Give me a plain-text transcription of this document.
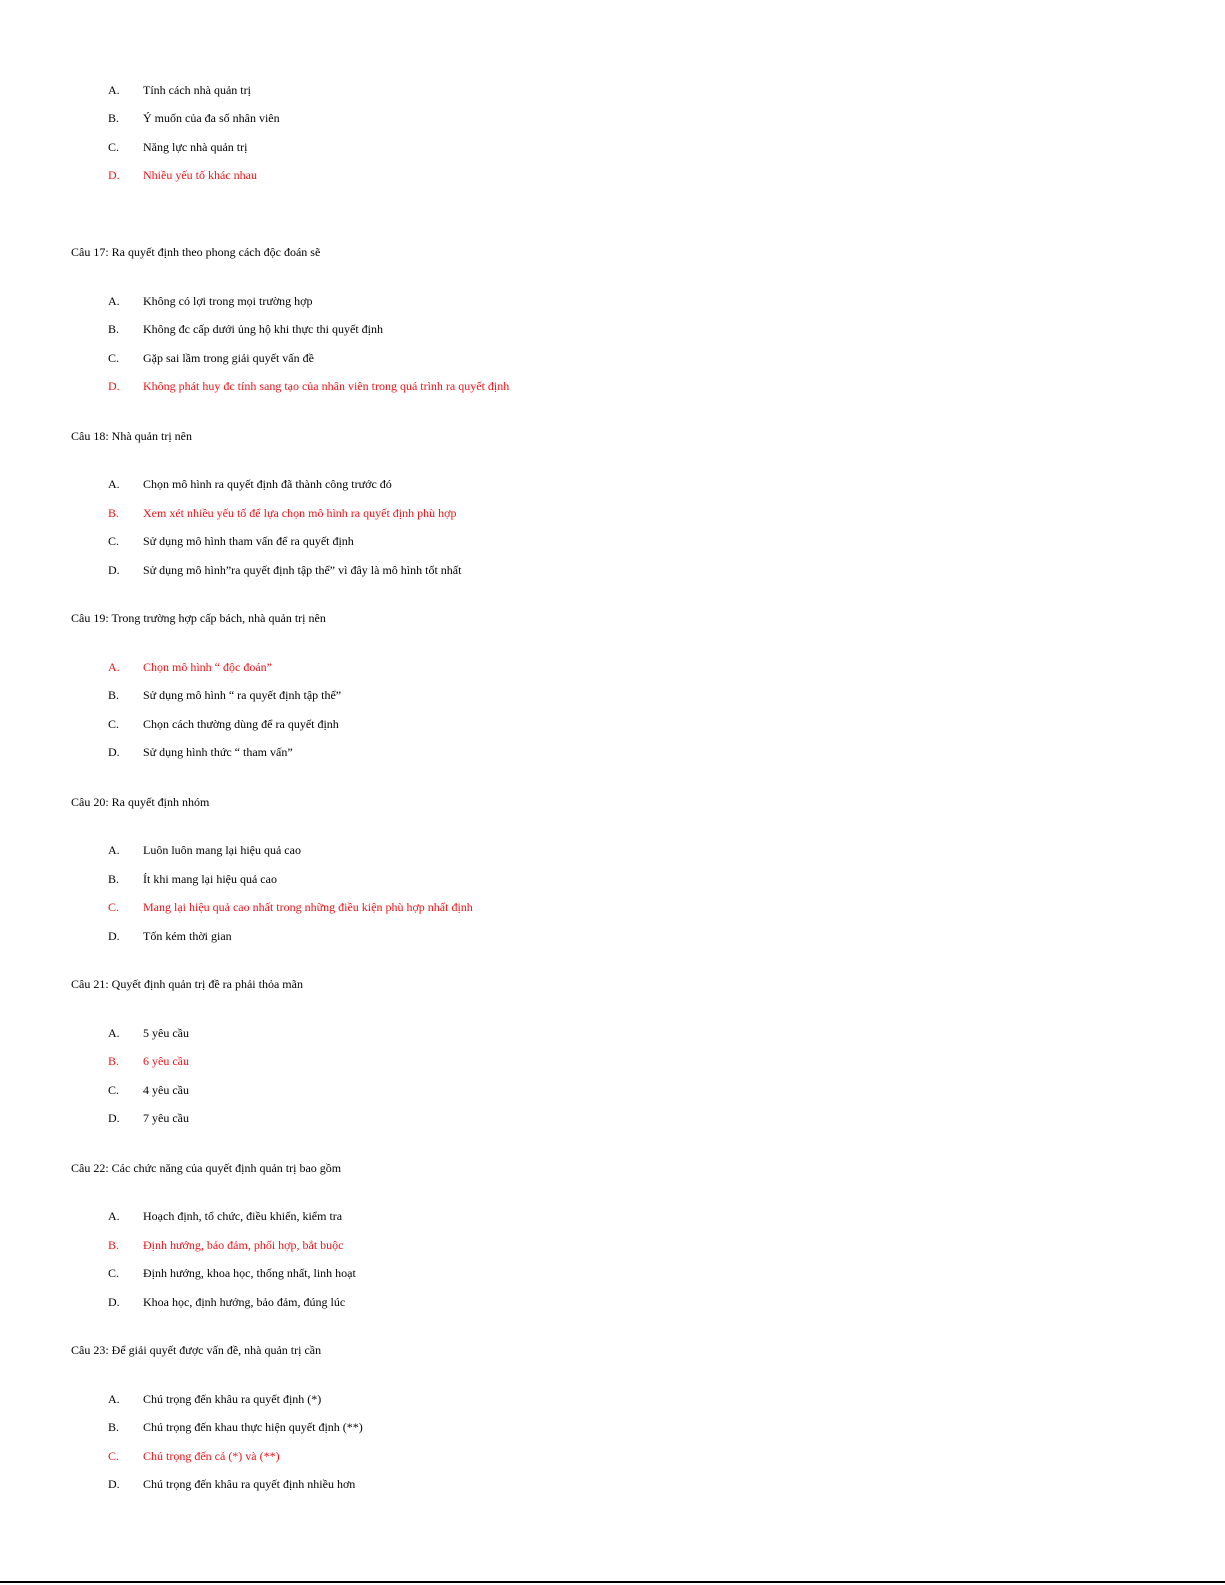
A. Tính cách nhà quản trị
B. Ý muốn của đa số nhân viên
C. Năng lực nhà quản trị
D. Nhiều yếu tố khác nhau
Câu 17: Ra quyết định theo phong cách độc đoán sẽ
A. Không có lợi trong mọi trường hợp
B. Không đc cấp dưới ủng hộ khi thực thi quyết định
C. Gặp sai lầm trong giải quyết vấn đề
D. Không phát huy đc tính sang tạo của nhân viên trong quá trình ra quyết định
Câu 18: Nhà quản trị nên
A. Chọn mô hình ra quyết định đã thành công trước đó
B. Xem xét nhiều yếu tố để lựa chọn mô hình ra quyết định phù hợp
C. Sử dụng mô hình tham vấn để ra quyết định
D. Sử dụng mô hình”ra quyết định tập thể” vì đây là mô hình tốt nhất
Câu 19: Trong trường hợp cấp bách, nhà quản trị nên
A. Chọn mô hình “ độc đoán”
B. Sử dụng mô hình “ ra quyết định tập thể”
C. Chọn cách thường dùng để ra quyết định
D. Sử dụng hình thức “ tham vấn”
Câu 20: Ra quyết định nhóm
A. Luôn luôn mang lại hiệu quả cao
B. Ít khi mang lại hiệu quả cao
C. Mang lại hiệu quả cao nhất trong những điều kiện phù hợp nhất định
D. Tốn kém thời gian
Câu 21: Quyết định quản trị đề ra phải thỏa mãn
A. 5 yêu cầu
B. 6 yêu cầu
C. 4 yêu cầu
D. 7 yêu cầu
Câu 22: Các chức năng của quyết định quản trị bao gồm
A. Hoạch định, tổ chức, điều khiển, kiểm tra
B. Định hướng, bảo đảm, phối hợp, bắt buộc
C. Định hướng, khoa học, thống nhất, linh hoạt
D. Khoa học, định hướng, bảo đảm, đúng lúc
Câu 23: Để giải quyết được vấn đề, nhà quản trị cần
A. Chú trọng đến khâu ra quyết định (*)
B. Chú trọng đến khau thực hiện quyết định (**)
C. Chú trọng đến cả (*) và (**)
D. Chú trọng đến khâu ra quyết định nhiều hơn
